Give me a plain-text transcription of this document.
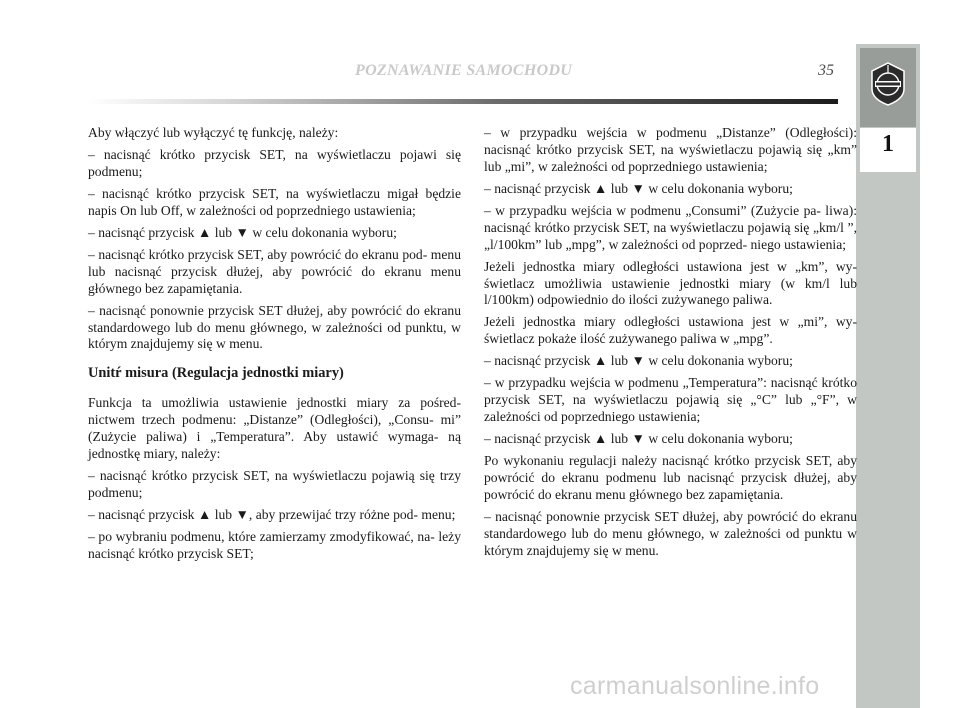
POZNAWANIE SAMOCHODU	35
1

Aby włączyć lub wyłączyć tę funkcję, należy:

– nacisnąć krótko przycisk SET, na wyświetlaczu pojawi się podmenu;

– nacisnąć krótko przycisk SET, na wyświetlaczu migał będzie napis On lub Off, w zależności od poprzedniego ustawienia;

– nacisnąć przycisk ▲ lub ▼ w celu dokonania wyboru;

– nacisnąć krótko przycisk SET, aby powrócić do ekranu pod- menu lub nacisnąć przycisk dłużej, aby powrócić do ekranu menu głównego bez zapamiętania.

– nacisnąć ponownie przycisk SET dłużej, aby powrócić do ekranu standardowego lub do menu głównego, w zależności od punktu, w którym znajdujemy się w menu.

Unitŕ misura (Regulacja jednostki miary)

Funkcja ta umożliwia ustawienie jednostki miary za pośred- nictwem trzech podmenu: „Distanze” (Odległości), „Consu- mi” (Zużycie paliwa) i „Temperatura”. Aby ustawić wymaga- ną jednostkę miary, należy:

– nacisnąć krótko przycisk SET, na wyświetlaczu pojawią się trzy podmenu;

– nacisnąć przycisk ▲ lub ▼, aby przewijać trzy różne pod- menu;

– po wybraniu podmenu, które zamierzamy zmodyfikować, na- leży nacisnąć krótko przycisk SET;

– w przypadku wejścia w podmenu „Distanze” (Odległości): nacisnąć krótko przycisk SET, na wyświetlaczu pojawią się „km” lub „mi”, w zależności od poprzedniego ustawienia;

– nacisnąć przycisk ▲ lub ▼ w celu dokonania wyboru;

– w przypadku wejścia w podmenu „Consumi” (Zużycie pa- liwa): nacisnąć krótko przycisk SET, na wyświetlaczu pojawią się „km/l ”, „l/100km” lub „mpg”, w zależności od poprzed- niego ustawienia;

Jeżeli jednostka miary odległości ustawiona jest w „km”, wy- świetlacz umożliwia ustawienie jednostki miary (w km/l lub l/100km) odpowiednio do ilości zużywanego paliwa.

Jeżeli jednostka miary odległości ustawiona jest w „mi”, wy- świetlacz pokaże ilość zużywanego paliwa w „mpg”.

– nacisnąć przycisk ▲ lub ▼ w celu dokonania wyboru;

– w przypadku wejścia w podmenu „Temperatura”: nacisnąć krótko przycisk SET, na wyświetlaczu pojawią się „°C” lub „°F”, w zależności od poprzedniego ustawienia;

– nacisnąć przycisk ▲ lub ▼ w celu dokonania wyboru;

Po wykonaniu regulacji należy nacisnąć krótko przycisk SET, aby powrócić do ekranu podmenu lub nacisnąć przycisk dłużej, aby powrócić do ekranu menu głównego bez zapamiętania.

– nacisnąć ponownie przycisk SET dłużej, aby powrócić do ekranu standardowego lub do menu głównego, w zależności od punktu w którym znajdujemy się w menu.

carmanualsonline.info
